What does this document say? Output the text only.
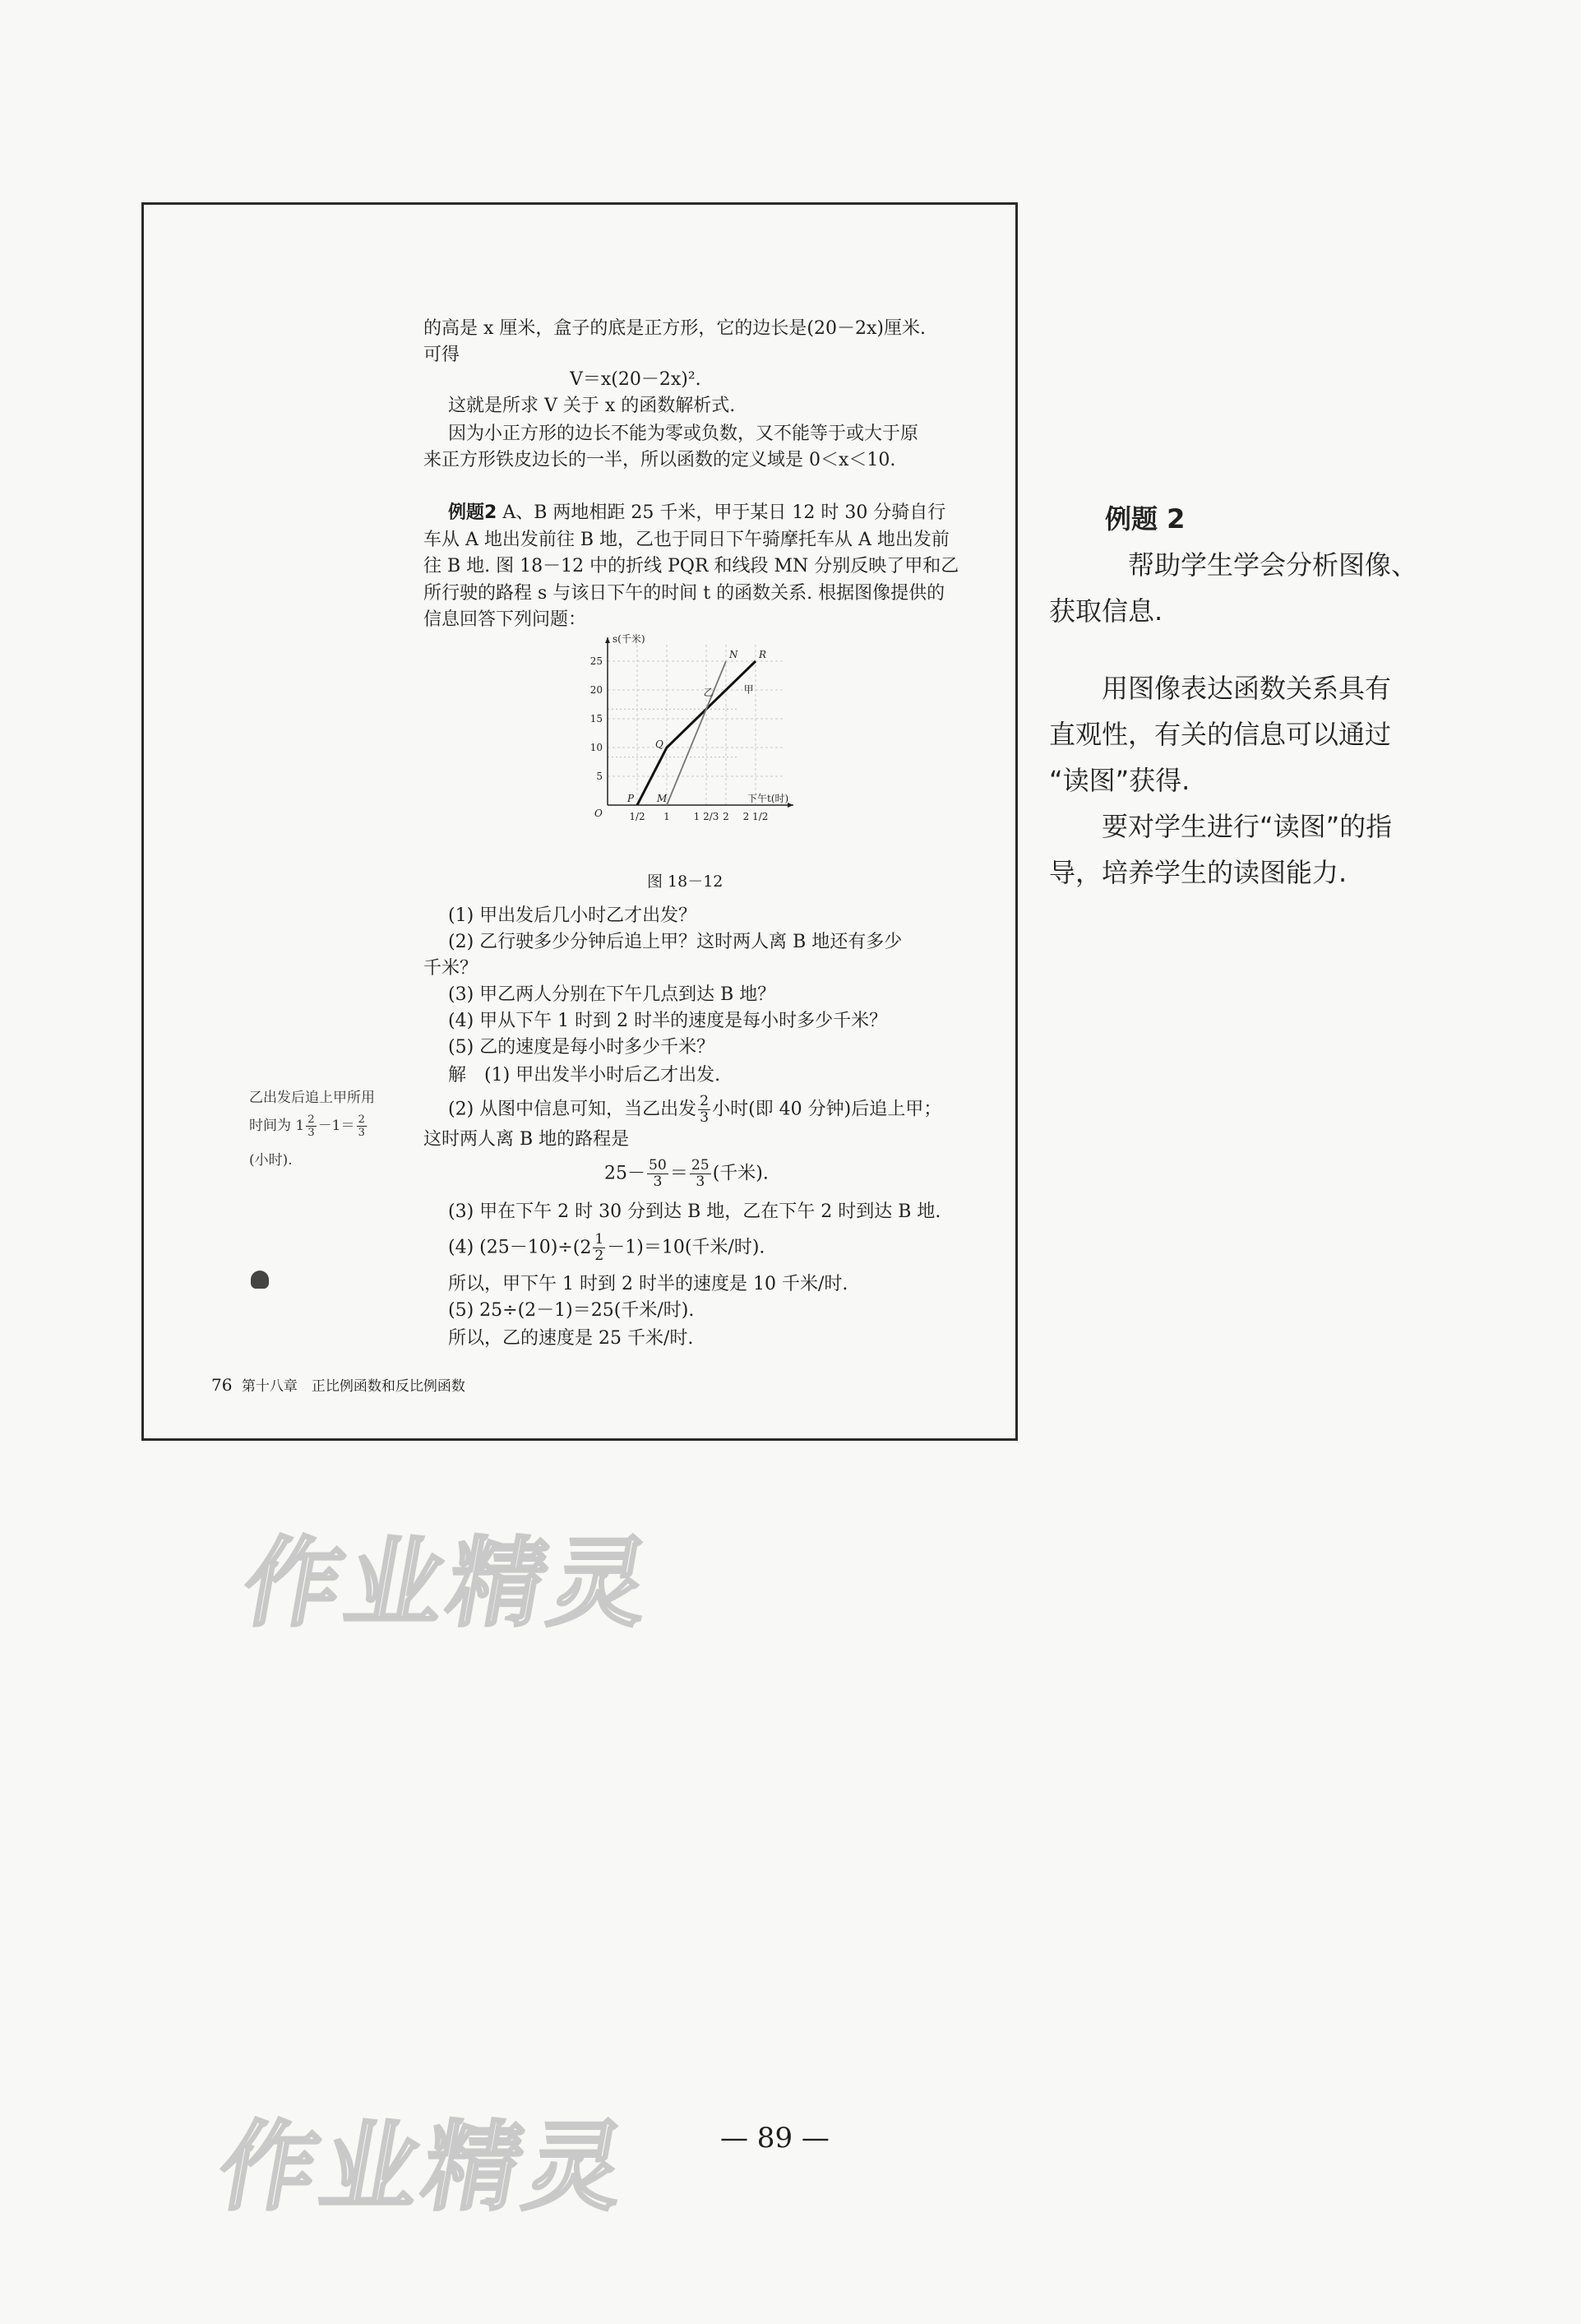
的高是 x 厘米，盒子的底是正方形，它的边长是(20－2x)厘米.
可得
V＝x(20－2x)².
这就是所求 V 关于 x 的函数解析式.
因为小正方形的边长不能为零或负数，又不能等于或大于原
来正方形铁皮边长的一半，所以函数的定义域是 0＜x＜10.
例题2 A、B 两地相距 25 千米，甲于某日 12 时 30 分骑自行
车从 A 地出发前往 B 地，乙也于同日下午骑摩托车从 A 地出发前
往 B 地. 图 18－12 中的折线 PQR 和线段 MN 分别反映了甲和乙
所行驶的路程 s 与该日下午的时间 t 的函数关系. 根据图像提供的
信息回答下列问题：
s(千米)
下午t(时)
O
5
10
15
20
25
1/2 1 1 2/3 2 2 1/2
P
Q
R
M
N
甲
乙
图 18－12
(1) 甲出发后几小时乙才出发？
(2) 乙行驶多少分钟后追上甲？这时两人离 B 地还有多少
千米？
(3) 甲乙两人分别在下午几点到达 B 地？
(4) 甲从下午 1 时到 2 时半的速度是每小时多少千米？
(5) 乙的速度是每小时多少千米？
解　(1) 甲出发半小时后乙才出发.
(2) 从图中信息可知，当乙出发 $\frac{2}{3}$ 小时(即 40 分钟)后追上甲；
这时两人离 B 地的路程是
$25- \frac{50}{3} = \frac{25}{3}$ (千米).
(3) 甲在下午 2 时 30 分到达 B 地，乙在下午 2 时到达 B 地.
(4) $(25-10)\div (2 \frac{1}{2} -1)=10$(千米/时).
所以，甲下午 1 时到 2 时半的速度是 10 千米/时.
(5) 25÷(2－1)＝25(千米/时).
所以，乙的速度是 25 千米/时.
乙出发后追上甲所用
时间为 $1 \frac{2}{3} -1= \frac{2}{3}$
(小时).
76 第十八章　正比例函数和反比例函数
例题 2
帮助学生学会分析图像、
获取信息.
用图像表达函数关系具有
直观性，有关的信息可以通过
“读图”获得.
要对学生进行“读图”的指
导，培养学生的读图能力.
作业精灵
作业精灵	— 89 —
